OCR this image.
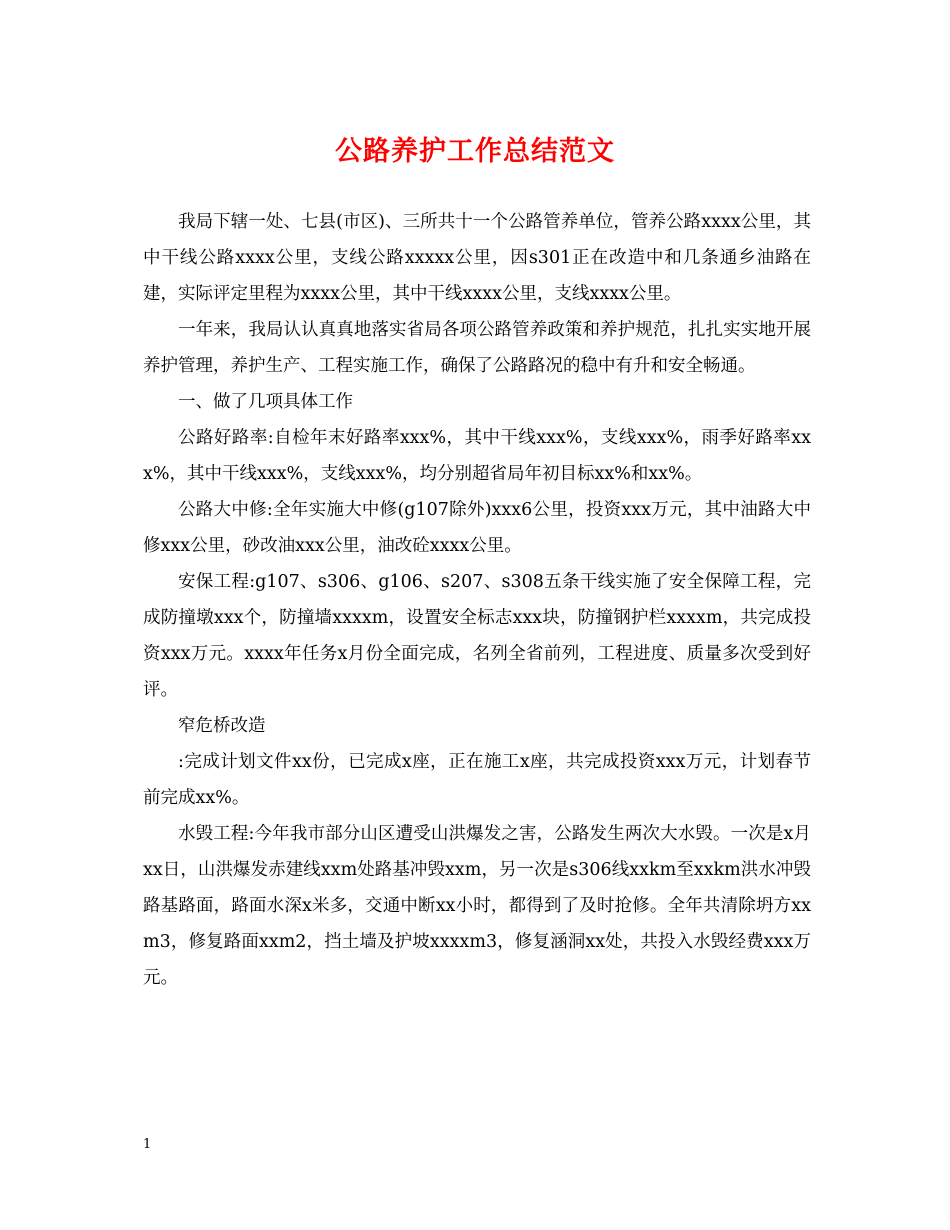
公路养护工作总结范文

我局下辖一处、七县(市区)、三所共十一个公路管养单位，管养公路xxxx公里，其中干线公路xxxx公里，支线公路xxxxx公里，因s301正在改造中和几条通乡油路在建，实际评定里程为xxxx公里，其中干线xxxx公里，支线xxxx公里。

一年来，我局认认真真地落实省局各项公路管养政策和养护规范，扎扎实实地开展养护管理，养护生产、工程实施工作，确保了公路路况的稳中有升和安全畅通。

一、做了几项具体工作

公路好路率:自检年末好路率xxx%，其中干线xxx%，支线xxx%，雨季好路率xxx%，其中干线xxx%，支线xxx%，均分别超省局年初目标xx%和xx%。

公路大中修:全年实施大中修(g107除外)xxx6公里，投资xxx万元，其中油路大中修xxx公里，砂改油xxx公里，油改砼xxxx公里。

安保工程:g107、s306、g106、s207、s308五条干线实施了安全保障工程，完成防撞墩xxx个，防撞墙xxxxm，设置安全标志xxx块，防撞钢护栏xxxxm，共完成投资xxx万元。xxxx年任务x月份全面完成，名列全省前列，工程进度、质量多次受到好评。

窄危桥改造

:完成计划文件xx份，已完成x座，正在施工x座，共完成投资xxx万元，计划春节前完成xx%。

水毁工程:今年我市部分山区遭受山洪爆发之害，公路发生两次大水毁。一次是x月xx日，山洪爆发赤建线xxm处路基冲毁xxm，另一次是s306线xxkm至xxkm洪水冲毁路基路面，路面水深x米多，交通中断xx小时，都得到了及时抢修。全年共清除坍方xxm3，修复路面xxm2，挡土墙及护坡xxxxm3，修复涵洞xx处，共投入水毁经费xxx万元。

1
